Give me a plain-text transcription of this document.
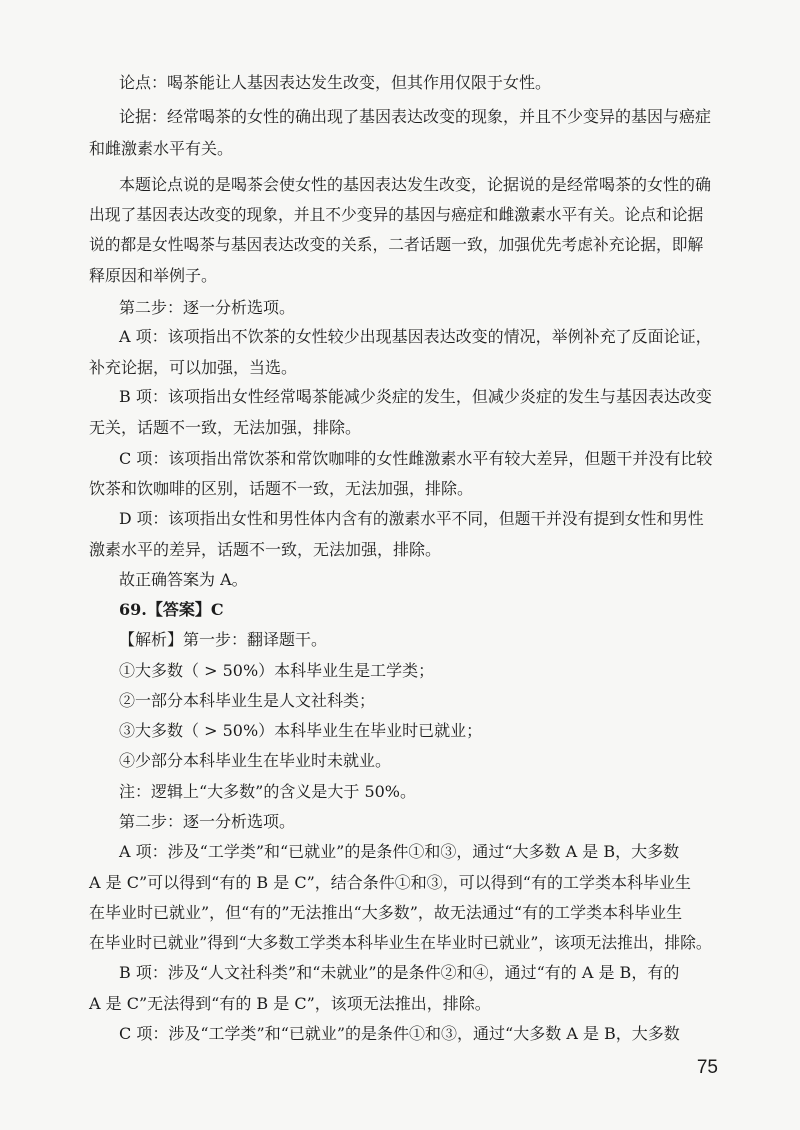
论点：喝茶能让人基因表达发生改变，但其作用仅限于女性。
论据：经常喝茶的女性的确出现了基因表达改变的现象，并且不少变异的基因与癌症
和雌激素水平有关。
本题论点说的是喝茶会使女性的基因表达发生改变，论据说的是经常喝茶的女性的确
出现了基因表达改变的现象，并且不少变异的基因与癌症和雌激素水平有关。论点和论据
说的都是女性喝茶与基因表达改变的关系，二者话题一致，加强优先考虑补充论据，即解
释原因和举例子。
第二步：逐一分析选项。
A 项：该项指出不饮茶的女性较少出现基因表达改变的情况，举例补充了反面论证，
补充论据，可以加强，当选。
B 项：该项指出女性经常喝茶能减少炎症的发生，但减少炎症的发生与基因表达改变
无关，话题不一致，无法加强，排除。
C 项：该项指出常饮茶和常饮咖啡的女性雌激素水平有较大差异，但题干并没有比较
饮茶和饮咖啡的区别，话题不一致，无法加强，排除。
D 项：该项指出女性和男性体内含有的激素水平不同，但题干并没有提到女性和男性
激素水平的差异，话题不一致，无法加强，排除。
故正确答案为 A。
69.【答案】C
【解析】第一步：翻译题干。
①大多数（ > 50%）本科毕业生是工学类；
②一部分本科毕业生是人文社科类；
③大多数（ > 50%）本科毕业生在毕业时已就业；
④少部分本科毕业生在毕业时未就业。
注：逻辑上“大多数”的含义是大于 50%。
第二步：逐一分析选项。
A 项：涉及“工学类”和“已就业”的是条件①和③，通过“大多数 A 是 B，大多数
A 是 C”可以得到“有的 B 是 C”，结合条件①和③，可以得到“有的工学类本科毕业生
在毕业时已就业”，但“有的”无法推出“大多数”，故无法通过“有的工学类本科毕业生
在毕业时已就业”得到“大多数工学类本科毕业生在毕业时已就业”，该项无法推出，排除。
B 项：涉及“人文社科类”和“未就业”的是条件②和④，通过“有的 A 是 B，有的
A 是 C”无法得到“有的 B 是 C”，该项无法推出，排除。
C 项：涉及“工学类”和“已就业”的是条件①和③，通过“大多数 A 是 B，大多数
75
